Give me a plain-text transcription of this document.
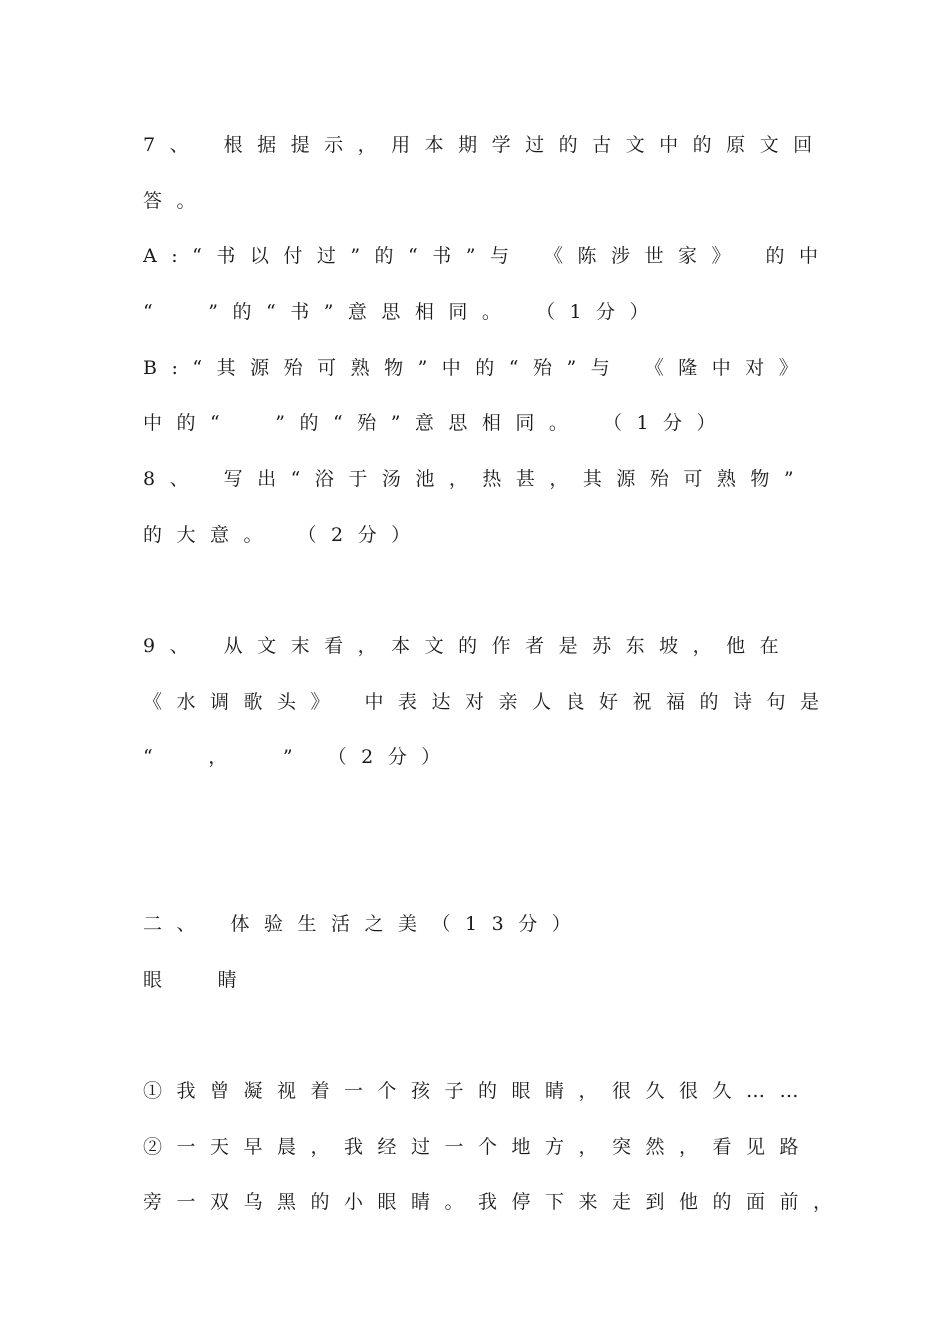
7、 根据提示，用本期学过的古文中的原文回
答。
A:“书以付过”的“书”与 《陈涉世家》 的中
“  ”的“书”意思相同。 （1分）
B:“其源殆可熟物”中的“殆”与 《隆中对》
中的“  ”的“殆”意思相同。 （1分）
8、 写出“浴于汤池，热甚，其源殆可熟物”
的大意。 （2分）
9、 从文末看，本文的作者是苏东坡，他在
《水调歌头》 中表达对亲人良好祝福的诗句是
“  ，  ” （2分）
二、 体验生活之美（13分）
眼  睛
①我曾凝视着一个孩子的眼睛，很久很久……
②一天早晨，我经过一个地方，突然，看见路
旁一双乌黑的小眼睛。我停下来走到他的面前，
